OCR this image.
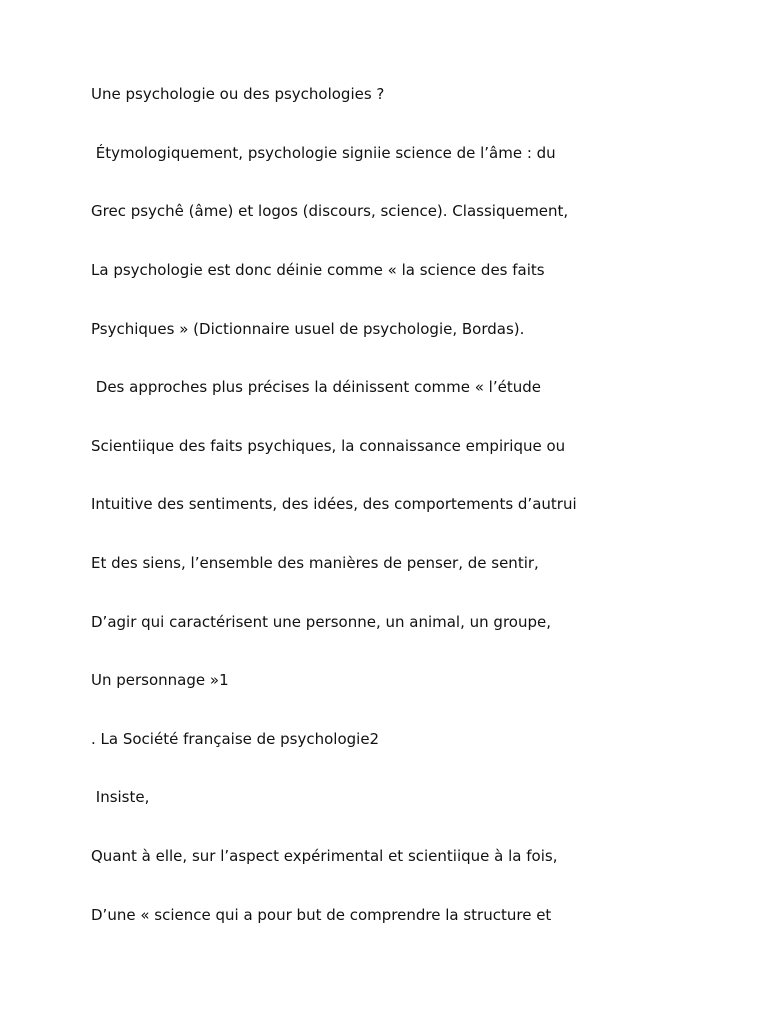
Une psychologie ou des psychologies ?

Étymologiquement, psychologie signiie science de l’âme : du

Grec psychê (âme) et logos (discours, science). Classiquement,

La psychologie est donc déinie comme « la science des faits

Psychiques » (Dictionnaire usuel de psychologie, Bordas).

Des approches plus précises la déinissent comme « l’étude

Scientiique des faits psychiques, la connaissance empirique ou

Intuitive des sentiments, des idées, des comportements d’autrui

Et des siens, l’ensemble des manières de penser, de sentir,

D’agir qui caractérisent une personne, un animal, un groupe,

Un personnage »1

. La Société française de psychologie2

Insiste,

Quant à elle, sur l’aspect expérimental et scientiique à la fois,

D’une « science qui a pour but de comprendre la structure et
